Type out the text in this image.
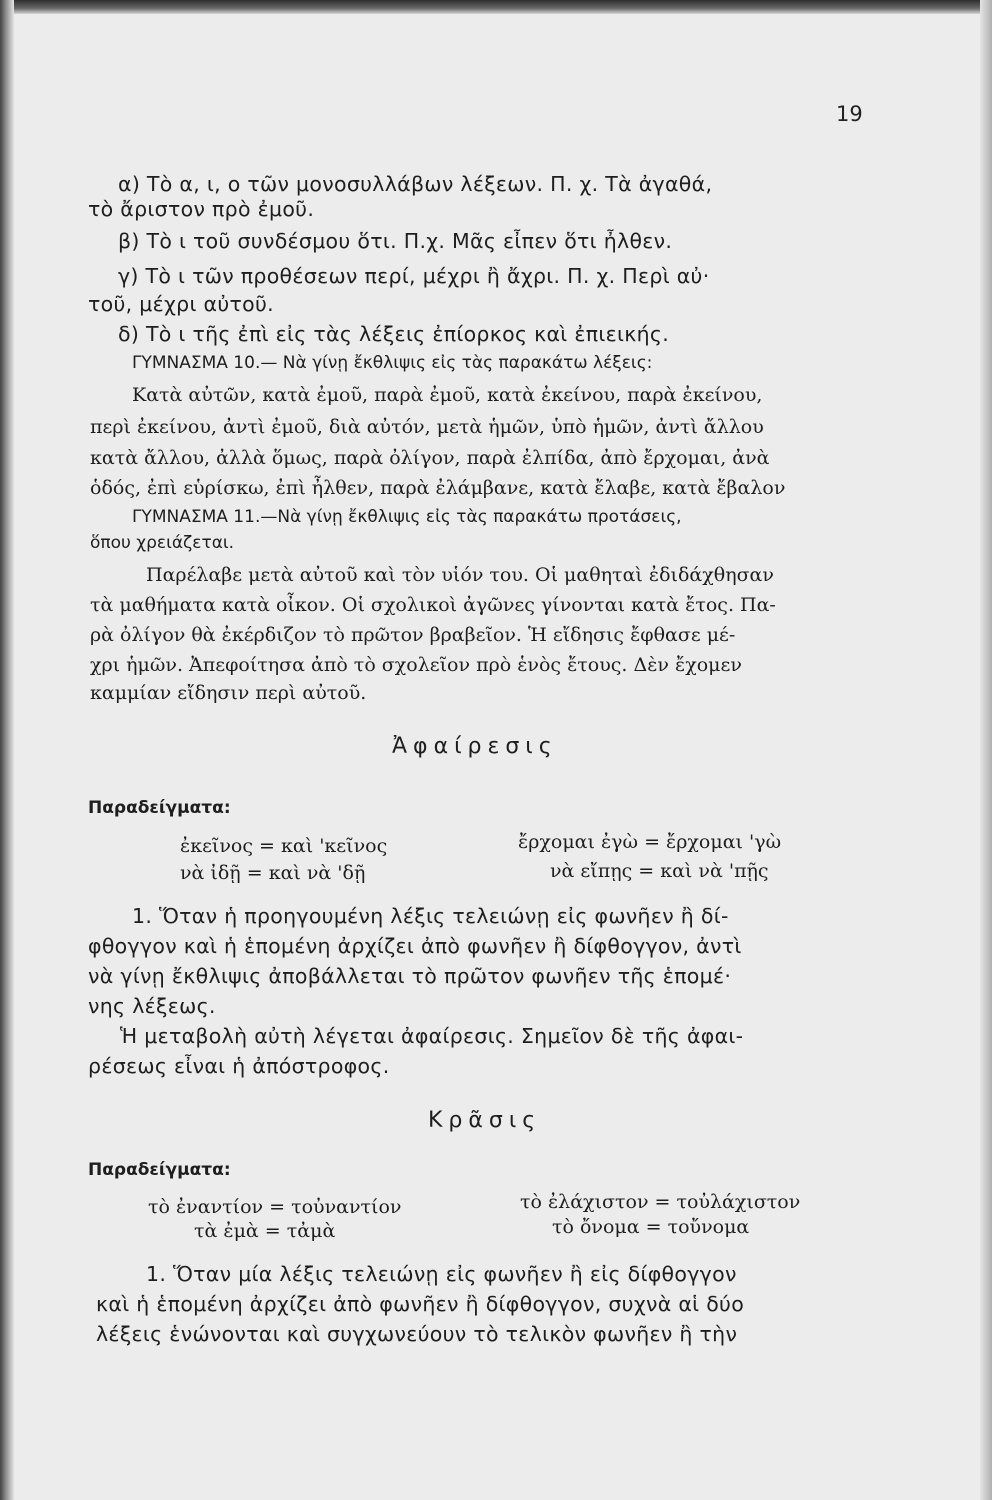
19
α) Τὸ α, ι, ο τῶν μονοσυλλάβων λέξεων. Π. χ. Τὰ ἀγαθά,
τὸ ἄριστον πρὸ ἐμοῦ.
β) Τὸ ι τοῦ συνδέσμου ὅτι. Π.χ. Μᾶς εἶπεν ὅτι ἦλθεν.
γ) Τὸ ι τῶν προθέσεων περί, μέχρι ἢ ἄχρι. Π. χ. Περὶ αὐ·
τοῦ, μέχρι αὐτοῦ.
δ) Τὸ ι τῆς ἐπὶ εἰς τὰς λέξεις ἐπίορκος καὶ ἐπιεικής.
ΓΥΜΝΑΣΜΑ 10.— Νὰ γίνῃ ἔκθλιψις εἰς τὰς παρακάτω λέξεις:
Κατὰ αὐτῶν, κατὰ ἐμοῦ, παρὰ ἐμοῦ, κατὰ ἐκείνου, παρὰ ἐκείνου,
περὶ ἐκείνου, ἀντὶ ἐμοῦ, διὰ αὐτόν, μετὰ ἡμῶν, ὑπὸ ἡμῶν, ἀντὶ ἄλλου
κατὰ ἄλλου, ἀλλὰ ὅμως, παρὰ ὀλίγον, παρὰ ἐλπίδα, ἀπὸ ἔρχομαι, ἀνὰ
ὁδός, ἐπὶ εὑρίσκω, ἐπὶ ἦλθεν, παρὰ ἐλάμβανε, κατὰ ἔλαβε, κατὰ ἔβαλον
ΓΥΜΝΑΣΜΑ 11.—Νὰ γίνῃ ἔκθλιψις εἰς τὰς παρακάτω προτάσεις,
ὅπου χρειάζεται.
Παρέλαβε μετὰ αὐτοῦ καὶ τὸν υἱόν του. Οἱ μαθηταὶ ἐδιδάχθησαν
τὰ μαθήματα κατὰ οἶκον. Οἱ σχολικοὶ ἀγῶνες γίνονται κατὰ ἔτος. Πα-
ρὰ ὀλίγον θὰ ἐκέρδιζον τὸ πρῶτον βραβεῖον. Ἡ εἴδησις ἔφθασε μέ-
χρι ἡμῶν. Ἀπεφοίτησα ἀπὸ τὸ σχολεῖον πρὸ ἑνὸς ἔτους. Δὲν ἔχομεν
καμμίαν εἴδησιν περὶ αὐτοῦ.
Ἀφαίρεσις
Παραδείγματα:
ἐκεῖνος = καὶ 'κεῖνος
νὰ ἰδῇ = καὶ νὰ 'δῇ
ἔρχομαι ἐγὼ = ἔρχομαι 'γὼ
νὰ εἴπῃς = καὶ νὰ 'πῇς
1. Ὅταν ἡ προηγουμένη λέξις τελειώνῃ εἰς φωνῆεν ἢ δί-
φθογγον καὶ ἡ ἑπομένη ἀρχίζει ἀπὸ φωνῆεν ἢ δίφθογγον, ἀντὶ
νὰ γίνῃ ἔκθλιψις ἀποβάλλεται τὸ πρῶτον φωνῆεν τῆς ἑπομέ·
νης λέξεως.
Ἡ μεταβολὴ αὐτὴ λέγεται ἀφαίρεσις. Σημεῖον δὲ τῆς ἀφαι-
ρέσεως εἶναι ἡ ἀπόστροφος.
Κρᾶσις
Παραδείγματα:
τὸ ἐναντίον = τοὐναντίον
τὰ ἐμὰ = τἀμὰ
τὸ ἐλάχιστον = τοὐλάχιστον
τὸ ὄνομα = τοὔνομα
1. Ὅταν μία λέξις τελειώνῃ εἰς φωνῆεν ἢ εἰς δίφθογγον
καὶ ἡ ἑπομένη ἀρχίζει ἀπὸ φωνῆεν ἢ δίφθογγον, συχνὰ αἱ δύο
λέξεις ἑνώνονται καὶ συγχωνεύουν τὸ τελικὸν φωνῆεν ἢ τὴν
